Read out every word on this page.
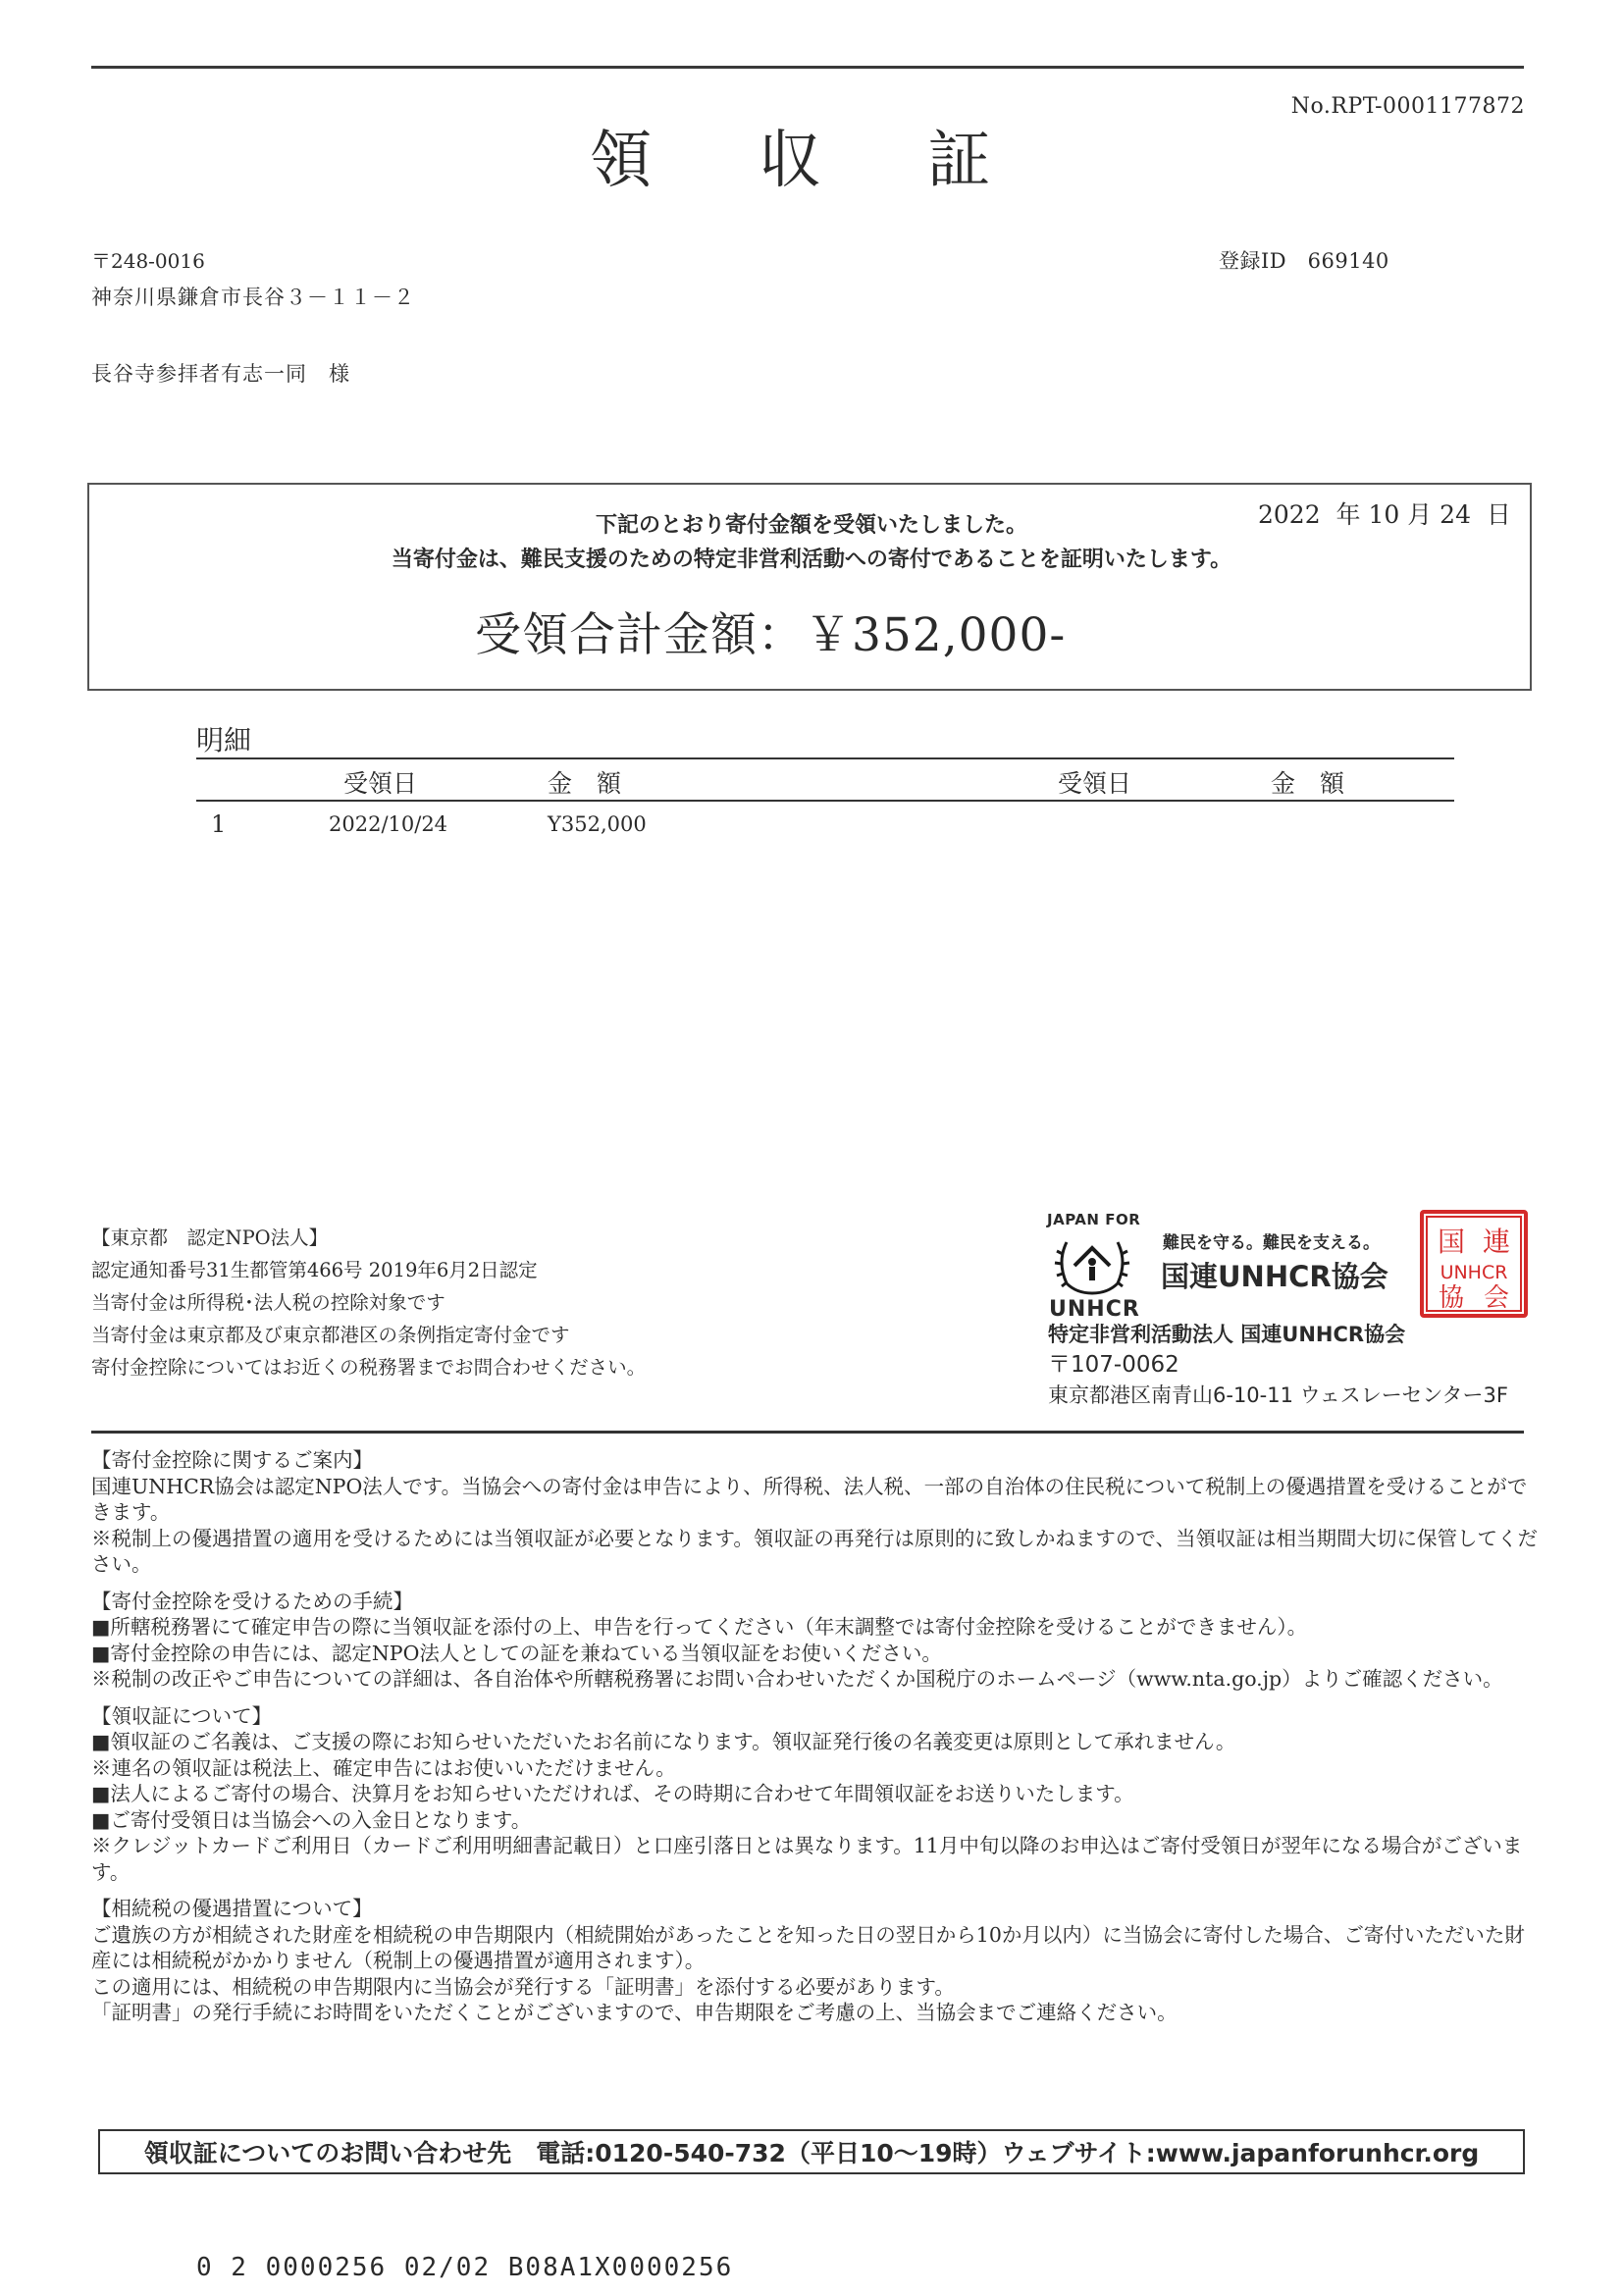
No.RPT-0001177872
領 収 証
〒248-0016
神奈川県鎌倉市長谷３－１１－２
長谷寺参拝者有志一同　様
登録ID　669140
2022  年 10 月 24  日
下記のとおり寄付金額を受領いたしました。
当寄付金は、難民支援のための特定非営利活動への寄付であることを証明いたします。
受領合計金額：￥352,000-
明細
受領日	金　額	受領日	金　額
1	2022/10/24	Y352,000
【東京都　認定NPO法人】
認定通知番号31生都管第466号 2019年6月2日認定
当寄付金は所得税･法人税の控除対象です
当寄付金は東京都及び東京都港区の条例指定寄付金です
寄付金控除についてはお近くの税務署までお問合わせください。
JAPAN FOR
UNHCR
難民を守る。難民を支える。
国連UNHCR協会
特定非営利活動法人 国連UNHCR協会
〒107-0062
東京都港区南青山6-10-11 ウェスレーセンター3F
国 連
UNHCR
協 会
【寄付金控除に関するご案内】
国連UNHCR協会は認定NPO法人です。当協会への寄付金は申告により、所得税、法人税、一部の自治体の住民税について税制上の優遇措置を受けることができます。
※税制上の優遇措置の適用を受けるためには当領収証が必要となります。領収証の再発行は原則的に致しかねますので、当領収証は相当期間大切に保管してください。
【寄付金控除を受けるための手続】
■所轄税務署にて確定申告の際に当領収証を添付の上、申告を行ってください（年末調整では寄付金控除を受けることができません）。
■寄付金控除の申告には、認定NPO法人としての証を兼ねている当領収証をお使いください。
※税制の改正やご申告についての詳細は、各自治体や所轄税務署にお問い合わせいただくか国税庁のホームページ（www.nta.go.jp）よりご確認ください。
【領収証について】
■領収証のご名義は、ご支援の際にお知らせいただいたお名前になります。領収証発行後の名義変更は原則として承れません。
※連名の領収証は税法上、確定申告にはお使いいただけません。
■法人によるご寄付の場合、決算月をお知らせいただければ、その時期に合わせて年間領収証をお送りいたします。
■ご寄付受領日は当協会への入金日となります。
※クレジットカードご利用日（カードご利用明細書記載日）と口座引落日とは異なります。11月中旬以降のお申込はご寄付受領日が翌年になる場合がございます。
【相続税の優遇措置について】
ご遺族の方が相続された財産を相続税の申告期限内（相続開始があったことを知った日の翌日から10か月以内）に当協会に寄付した場合、ご寄付いただいた財産には相続税がかかりません（税制上の優遇措置が適用されます）。
この適用には、相続税の申告期限内に当協会が発行する「証明書」を添付する必要があります。
「証明書」の発行手続にお時間をいただくことがございますので、申告期限をご考慮の上、当協会までご連絡ください。
領収証についてのお問い合わせ先　電話:0120-540-732（平日10～19時）ウェブサイト:www.japanforunhcr.org
0 2 0000256 02/02 B08A1X0000256
